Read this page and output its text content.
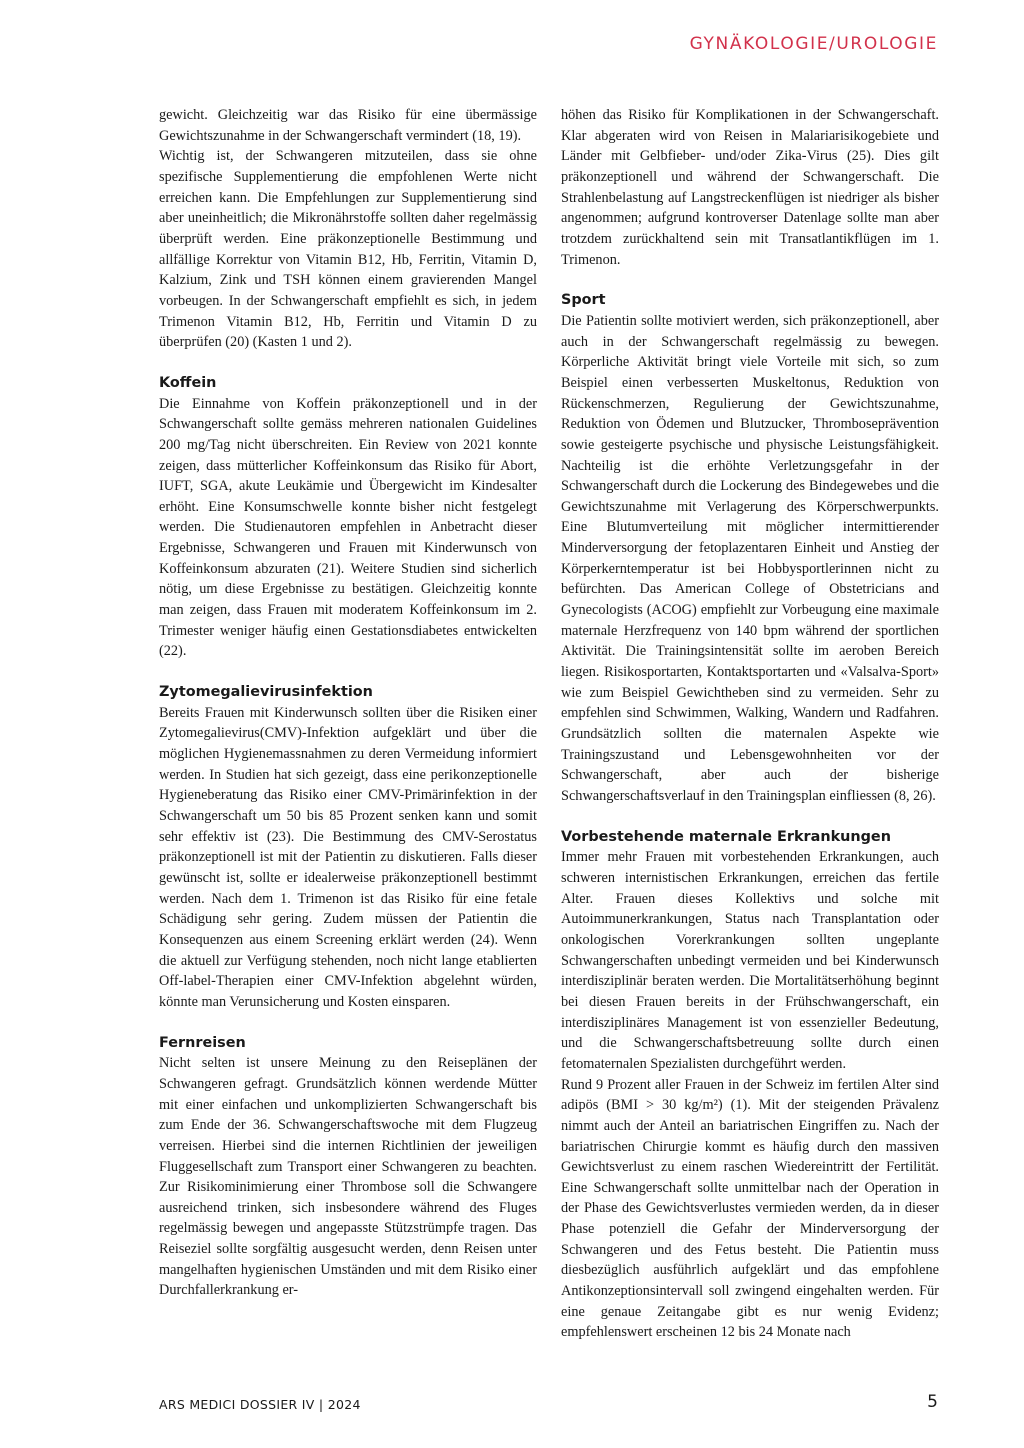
GYNÄKOLOGIE/UROLOGIE

gewicht. Gleichzeitig war das Risiko für eine übermässige Gewichtszunahme in der Schwangerschaft vermindert (18, 19).

Wichtig ist, der Schwangeren mitzuteilen, dass sie ohne spezifische Supplementierung die empfohlenen Werte nicht erreichen kann. Die Empfehlungen zur Supplementierung sind aber uneinheitlich; die Mikronährstoffe sollten daher regelmässig überprüft werden. Eine präkonzeptionelle Bestimmung und allfällige Korrektur von Vitamin B12, Hb, Ferritin, Vitamin D, Kalzium, Zink und TSH können einem gravierenden Mangel vorbeugen. In der Schwangerschaft empfiehlt es sich, in jedem Trimenon Vitamin B12, Hb, Ferritin und Vitamin D zu überprüfen (20) (Kasten 1 und 2).

Koffein

Die Einnahme von Koffein präkonzeptionell und in der Schwangerschaft sollte gemäss mehreren nationalen Guidelines 200 mg/Tag nicht überschreiten. Ein Review von 2021 konnte zeigen, dass mütterlicher Koffeinkonsum das Risiko für Abort, IUFT, SGA, akute Leukämie und Übergewicht im Kindesalter erhöht. Eine Konsumschwelle konnte bisher nicht festgelegt werden. Die Studienautoren empfehlen in Anbetracht dieser Ergebnisse, Schwangeren und Frauen mit Kinderwunsch von Koffeinkonsum abzuraten (21). Weitere Studien sind sicherlich nötig, um diese Ergebnisse zu bestätigen. Gleichzeitig konnte man zeigen, dass Frauen mit moderatem Koffeinkonsum im 2. Trimester weniger häufig einen Gestationsdiabetes entwickelten (22).

Zytomegalievirusinfektion

Bereits Frauen mit Kinderwunsch sollten über die Risiken einer Zytomegalievirus(CMV)-Infektion aufgeklärt und über die möglichen Hygienemassnahmen zu deren Vermeidung informiert werden. In Studien hat sich gezeigt, dass eine perikonzeptionelle Hygieneberatung das Risiko einer CMV-Primärinfektion in der Schwangerschaft um 50 bis 85 Prozent senken kann und somit sehr effektiv ist (23). Die Bestimmung des CMV-Serostatus präkonzeptionell ist mit der Patientin zu diskutieren. Falls dieser gewünscht ist, sollte er idealerweise präkonzeptionell bestimmt werden. Nach dem 1. Trimenon ist das Risiko für eine fetale Schädigung sehr gering. Zudem müssen der Patientin die Konsequenzen aus einem Screening erklärt werden (24). Wenn die aktuell zur Verfügung stehenden, noch nicht lange etablierten Off-label-Therapien einer CMV-Infektion abgelehnt würden, könnte man Verunsicherung und Kosten einsparen.

Fernreisen

Nicht selten ist unsere Meinung zu den Reiseplänen der Schwangeren gefragt. Grundsätzlich können werdende Mütter mit einer einfachen und unkomplizierten Schwangerschaft bis zum Ende der 36. Schwangerschaftswoche mit dem Flugzeug verreisen. Hierbei sind die internen Richtlinien der jeweiligen Fluggesellschaft zum Transport einer Schwangeren zu beachten. Zur Risikominimierung einer Thrombose soll die Schwangere ausreichend trinken, sich insbesondere während des Fluges regelmässig bewegen und angepasste Stützstrümpfe tragen. Das Reiseziel sollte sorgfältig ausgesucht werden, denn Reisen unter mangelhaften hygienischen Umständen und mit dem Risiko einer Durchfallerkrankung er-

höhen das Risiko für Komplikationen in der Schwangerschaft. Klar abgeraten wird von Reisen in Malariarisikogebiete und Länder mit Gelbfieber- und/oder Zika-Virus (25). Dies gilt präkonzeptionell und während der Schwangerschaft. Die Strahlenbelastung auf Langstreckenflügen ist niedriger als bisher angenommen; aufgrund kontroverser Datenlage sollte man aber trotzdem zurückhaltend sein mit Transatlantikflügen im 1. Trimenon.

Sport

Die Patientin sollte motiviert werden, sich präkonzeptionell, aber auch in der Schwangerschaft regelmässig zu bewegen. Körperliche Aktivität bringt viele Vorteile mit sich, so zum Beispiel einen verbesserten Muskeltonus, Reduktion von Rückenschmerzen, Regulierung der Gewichtszunahme, Reduktion von Ödemen und Blutzucker, Thromboseprävention sowie gesteigerte psychische und physische Leistungsfähigkeit. Nachteilig ist die erhöhte Verletzungsgefahr in der Schwangerschaft durch die Lockerung des Bindegewebes und die Gewichtszunahme mit Verlagerung des Körperschwerpunkts. Eine Blutumverteilung mit möglicher intermittierender Minderversorgung der fetoplazentaren Einheit und Anstieg der Körperkerntemperatur ist bei Hobbysportlerinnen nicht zu befürchten. Das American College of Obstetricians and Gynecologists (ACOG) empfiehlt zur Vorbeugung eine maximale maternale Herzfrequenz von 140 bpm während der sportlichen Aktivität. Die Trainingsintensität sollte im aeroben Bereich liegen. Risikosportarten, Kontaktsportarten und «Valsalva-Sport» wie zum Beispiel Gewichtheben sind zu vermeiden. Sehr zu empfehlen sind Schwimmen, Walking, Wandern und Radfahren. Grundsätzlich sollten die maternalen Aspekte wie Trainingszustand und Lebensgewohnheiten vor der Schwangerschaft, aber auch der bisherige Schwangerschaftsverlauf in den Trainingsplan einfliessen (8, 26).

Vorbestehende maternale Erkrankungen

Immer mehr Frauen mit vorbestehenden Erkrankungen, auch schweren internistischen Erkrankungen, erreichen das fertile Alter. Frauen dieses Kollektivs und solche mit Autoimmunerkrankungen, Status nach Transplantation oder onkologischen Vorerkrankungen sollten ungeplante Schwangerschaften unbedingt vermeiden und bei Kinderwunsch interdisziplinär beraten werden. Die Mortalitätserhöhung beginnt bei diesen Frauen bereits in der Frühschwangerschaft, ein interdisziplinäres Management ist von essenzieller Bedeutung, und die Schwangerschaftsbetreuung sollte durch einen fetomaternalen Spezialisten durchgeführt werden.

Rund 9 Prozent aller Frauen in der Schweiz im fertilen Alter sind adipös (BMI > 30 kg/m²) (1). Mit der steigenden Prävalenz nimmt auch der Anteil an bariatrischen Eingriffen zu. Nach der bariatrischen Chirurgie kommt es häufig durch den massiven Gewichtsverlust zu einem raschen Wiedereintritt der Fertilität. Eine Schwangerschaft sollte unmittelbar nach der Operation in der Phase des Gewichtsverlustes vermieden werden, da in dieser Phase potenziell die Gefahr der Minderversorgung der Schwangeren und des Fetus besteht. Die Patientin muss diesbezüglich ausführlich aufgeklärt und das empfohlene Antikonzeptionsintervall soll zwingend eingehalten werden. Für eine genaue Zeitangabe gibt es nur wenig Evidenz; empfehlenswert erscheinen 12 bis 24 Monate nach

ARS MEDICI DOSSIER IV | 2024	5
